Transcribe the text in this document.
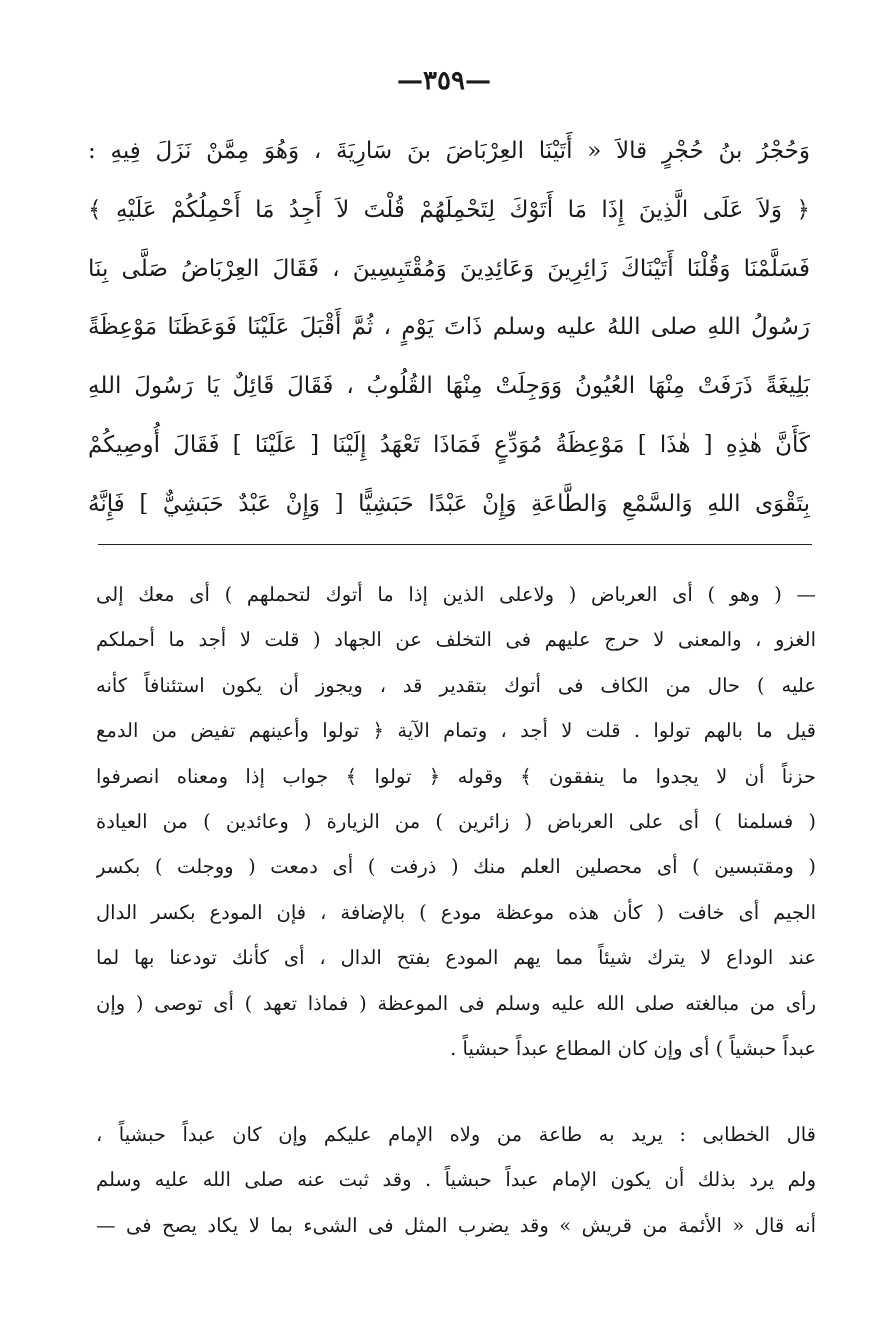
—٣٥٩—
وَحُجْرُ بنُ حُجْرٍ قالاَ « أَتَيْنَا العِرْبَاضَ بنَ سَارِيَةَ ، وَهُوَ مِمَّنْ نَزَلَ فِيهِ :
﴿ وَلاَ عَلَى الَّذِينَ إِذَا مَا أَتَوْكَ لِتَحْمِلَهُمْ قُلْتَ لاَ أَجِدُ مَا أَحْمِلُكُمْ عَلَيْهِ ﴾
فَسَلَّمْنَا وَقُلْنَا أَتَيْنَاكَ زَائِرِينَ وَعَائِدِينَ وَمُقْتَبِسِينَ ، فَقَالَ العِرْبَاضُ صَلَّى بِنَا
رَسُولُ اللهِ صلى اللهُ عليه وسلم ذَاتَ يَوْمٍ ، ثُمَّ أَقْبَلَ عَلَيْنَا فَوَعَظَنَا مَوْعِظَةً
بَلِيغَةً ذَرَفَتْ مِنْهَا العُيُونُ وَوَجِلَتْ مِنْهَا القُلُوبُ ، فَقَالَ قَائِلٌ يَا رَسُولَ اللهِ
كَأَنَّ هٰذِهِ [ هٰذَا ] مَوْعِظَةُ مُوَدِّعٍ فَمَاذَا تَعْهَدُ إِلَيْنَا [ عَلَيْنَا ] فَقَالَ أُوصِيكُمْ
بِتَقْوَى اللهِ وَالسَّمْعِ وَالطَّاعَةِ وَإِنْ عَبْدًا حَبَشِيًّا [ وَإِنْ عَبْدٌ حَبَشِيٌّ ] فَإِنَّهُ
— ( وهو ) أى العرباض ( ولاعلى الذين إذا ما أتوك لتحملهم ) أى معك إلى
الغزو ، والمعنى لا حرج عليهم فى التخلف عن الجهاد ( قلت لا أجد ما أحملكم
عليه ) حال من الكاف فى أتوك بتقدير قد ، ويجوز أن يكون استئنافاً كأنه
قيل ما بالهم تولوا . قلت لا أجد ، وتمام الآية ﴿ تولوا وأعينهم تفيض من الدمع
حزناً أن لا يجدوا ما ينفقون ﴾ وقوله ﴿ تولوا ﴾ جواب إذا ومعناه انصرفوا
( فسلمنا ) أى على العرباض ( زائرين ) من الزيارة ( وعائدين ) من العيادة
( ومقتبسين ) أى محصلين العلم منك ( ذرفت ) أى دمعت ( ووجلت ) بكسر
الجيم أى خافت ( كأن هذه موعظة مودع ) بالإضافة ، فإن المودع بكسر الدال
عند الوداع لا يترك شيئاً مما يهم المودع بفتح الدال ، أى كأنك تودعنا بها لما
رأى من مبالغته صلى الله عليه وسلم فى الموعظة ( فماذا تعهد ) أى توصى ( وإن
عبداً حبشياً ) أى وإن كان المطاع عبداً حبشياً .
قال الخطابى : يريد به طاعة من ولاه الإمام عليكم وإن كان عبداً حبشياً ،
ولم يرد بذلك أن يكون الإمام عبداً حبشياً . وقد ثبت عنه صلى الله عليه وسلم
أنه قال « الأئمة من قريش » وقد يضرب المثل فى الشىء بما لا يكاد يصح فى —
